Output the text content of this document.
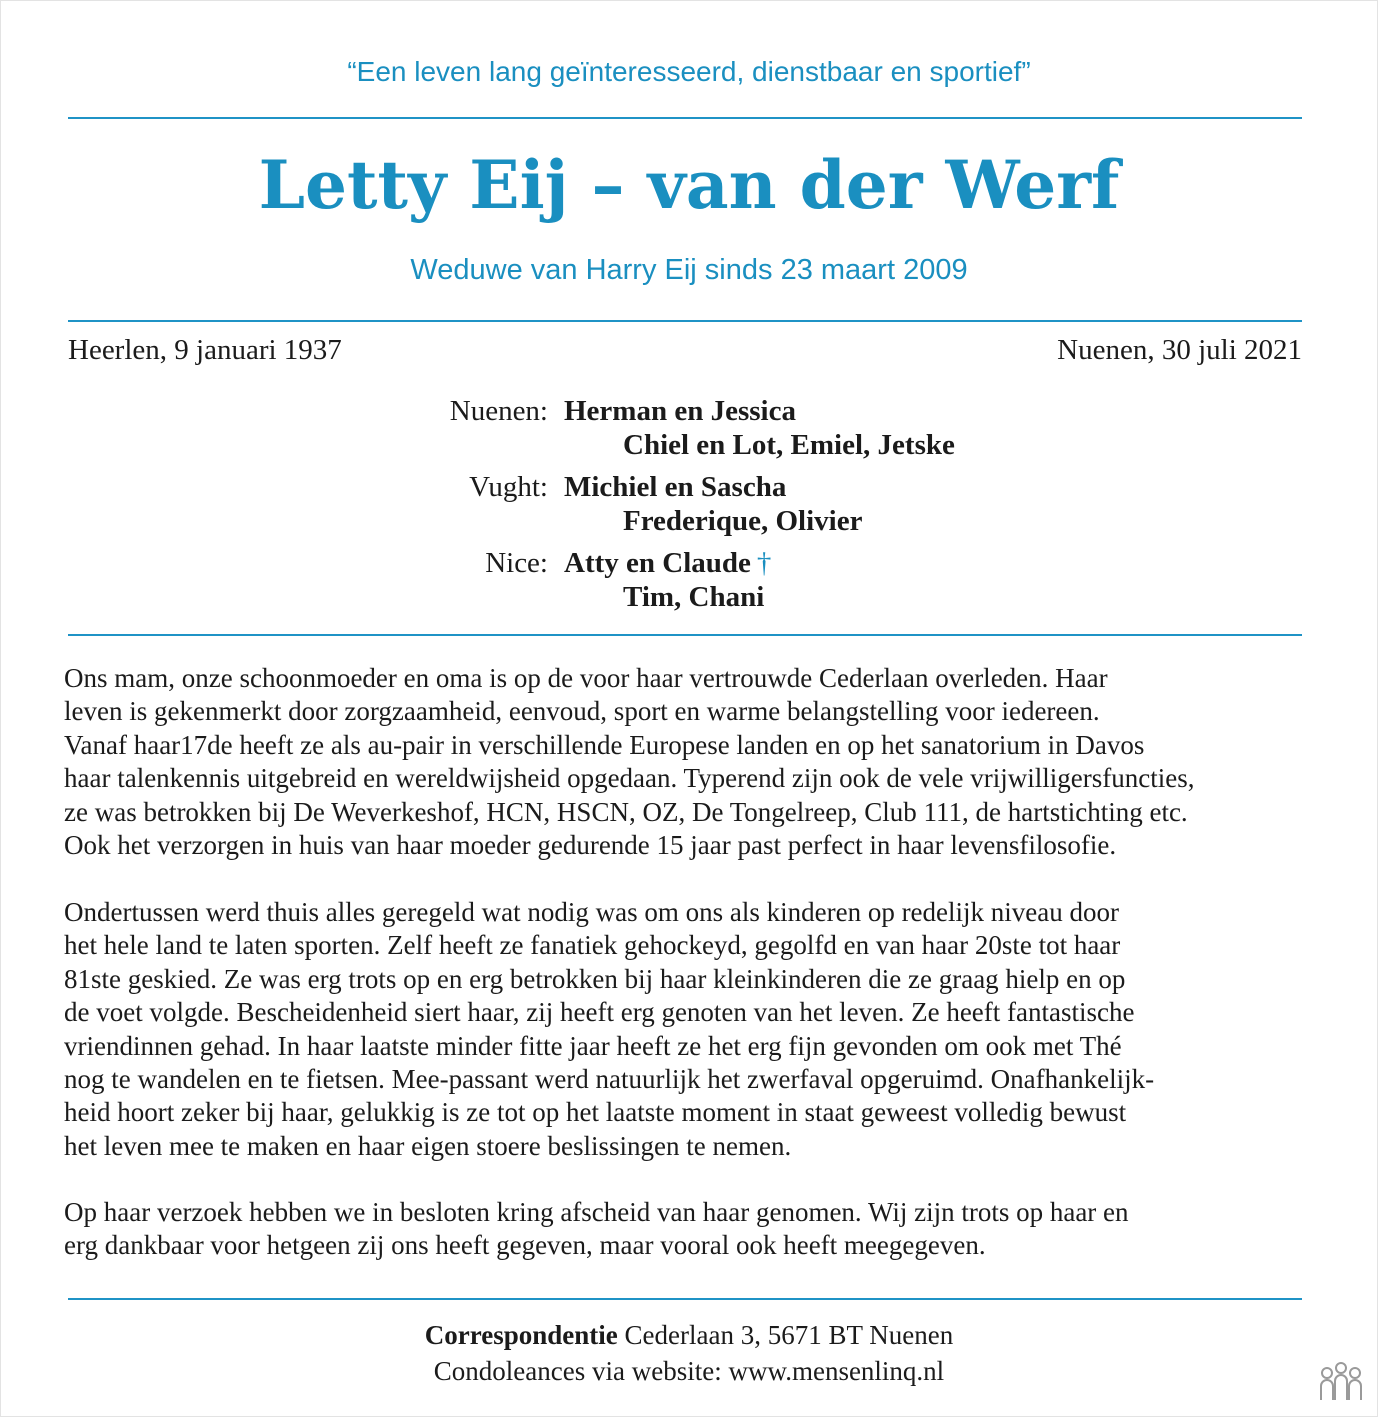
“Een leven lang geïnteresseerd, dienstbaar en sportief”
Letty Eij – van der Werf
Weduwe van Harry Eij sinds 23 maart 2009
Heerlen, 9 januari 1937	Nuenen, 30 juli 2021
Nuenen: Herman en Jessica
Chiel en Lot, Emiel, Jetske
Vught: Michiel en Sascha
Frederique, Olivier
Nice: Atty en Claude †
Tim, Chani

Ons mam, onze schoonmoeder en oma is op de voor haar vertrouwde Cederlaan overleden. Haar

leven is gekenmerkt door zorgzaamheid, eenvoud, sport en warme belangstelling voor iedereen.

Vanaf haar17de heeft ze als au-pair in verschillende Europese landen en op het sanatorium in Davos

haar talenkennis uitgebreid en wereldwijsheid opgedaan. Typerend zijn ook de vele vrijwilligersfuncties,

ze was betrokken bij De Weverkeshof, HCN, HSCN, OZ, De Tongelreep, Club 111, de hartstichting etc.

Ook het verzorgen in huis van haar moeder gedurende 15 jaar past perfect in haar levensfilosofie.

Ondertussen werd thuis alles geregeld wat nodig was om ons als kinderen op redelijk niveau door

het hele land te laten sporten. Zelf heeft ze fanatiek gehockeyd, gegolfd en van haar 20ste tot haar

81ste geskied. Ze was erg trots op en erg betrokken bij haar kleinkinderen die ze graag hielp en op

de voet volgde. Bescheidenheid siert haar, zij heeft erg genoten van het leven. Ze heeft fantastische

vriendinnen gehad. In haar laatste minder fitte jaar heeft ze het erg fijn gevonden om ook met Thé

nog te wandelen en te fietsen. Mee-passant werd natuurlijk het zwerfaval opgeruimd. Onafhankelijk-

heid hoort zeker bij haar, gelukkig is ze tot op het laatste moment in staat geweest volledig bewust

het leven mee te maken en haar eigen stoere beslissingen te nemen.

Op haar verzoek hebben we in besloten kring afscheid van haar genomen. Wij zijn trots op haar en

erg dankbaar voor hetgeen zij ons heeft gegeven, maar vooral ook heeft meegegeven.

Correspondentie Cederlaan 3, 5671 BT Nuenen
Condoleances via website: www.mensenlinq.nl
